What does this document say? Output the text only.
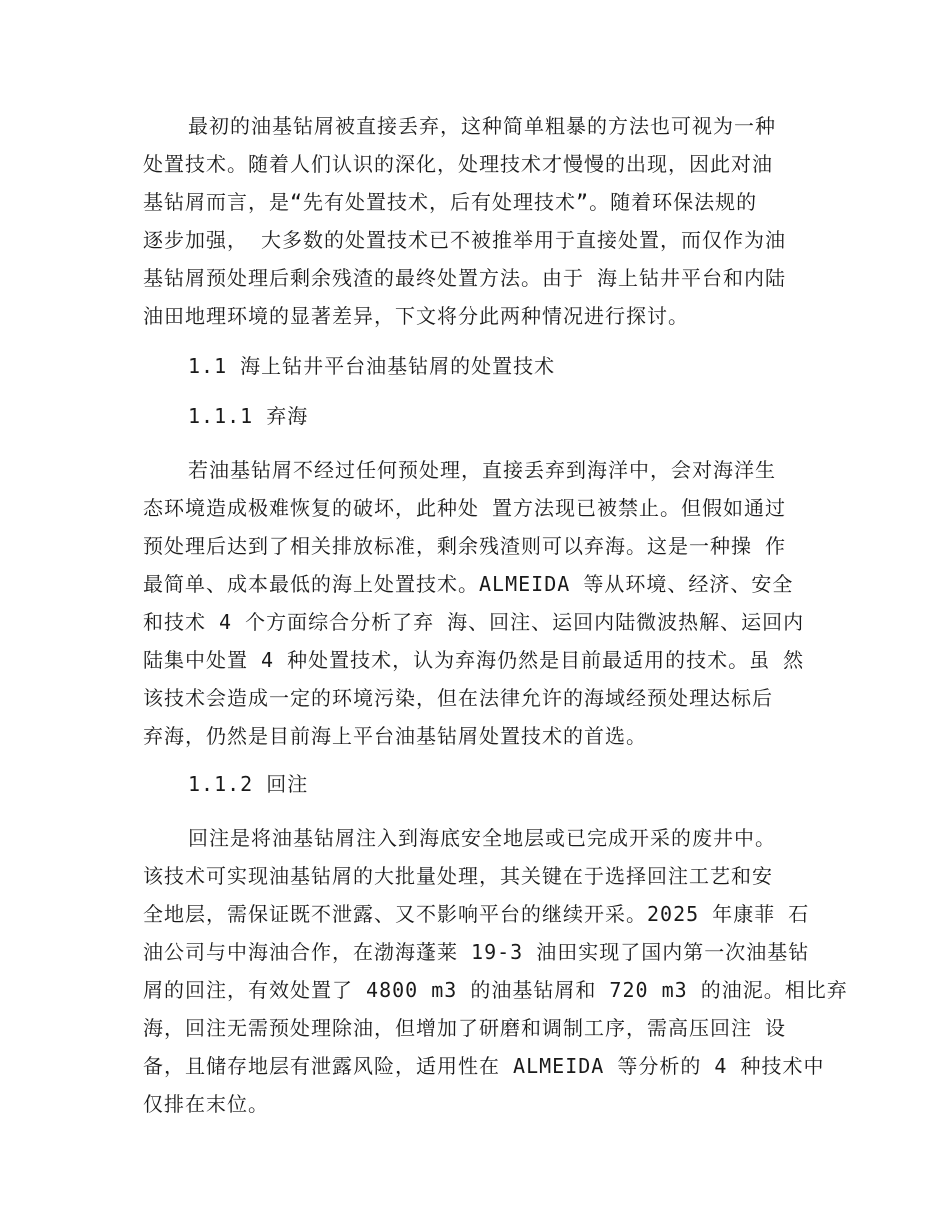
最初的油基钻屑被直接丢弃，这种简单粗暴的方法也可视为一种
处置技术。随着人们认识的深化，处理技术才慢慢的出现，因此对油
基钻屑而言，是“先有处置技术，后有处理技术”。随着环保法规的
逐步加强， 大多数的处置技术已不被推举用于直接处置，而仅作为油
基钻屑预处理后剩余残渣的最终处置方法。由于 海上钻井平台和内陆
油田地理环境的显著差异，下文将分此两种情况进行探讨。
1.1 海上钻井平台油基钻屑的处置技术
1.1.1 弃海
若油基钻屑不经过任何预处理，直接丢弃到海洋中，会对海洋生
态环境造成极难恢复的破坏，此种处 置方法现已被禁止。但假如通过
预处理后达到了相关排放标准，剩余残渣则可以弃海。这是一种操 作
最简单、成本最低的海上处置技术。ALMEIDA 等从环境、经济、安全
和技术 4 个方面综合分析了弃 海、回注、运回内陆微波热解、运回内
陆集中处置 4 种处置技术，认为弃海仍然是目前最适用的技术。虽 然
该技术会造成一定的环境污染，但在法律允许的海域经预处理达标后
弃海，仍然是目前海上平台油基钻屑处置技术的首选。
1.1.2 回注
回注是将油基钻屑注入到海底安全地层或已完成开采的废井中。
该技术可实现油基钻屑的大批量处理，其关键在于选择回注工艺和安
全地层，需保证既不泄露、又不影响平台的继续开采。2025 年康菲 石
油公司与中海油合作，在渤海蓬莱 19-3 油田实现了国内第一次油基钻
屑的回注，有效处置了 4800 m3 的油基钻屑和 720 m3 的油泥。相比弃
海，回注无需预处理除油，但增加了研磨和调制工序，需高压回注 设
备，且储存地层有泄露风险，适用性在 ALMEIDA 等分析的 4 种技术中
仅排在末位。
